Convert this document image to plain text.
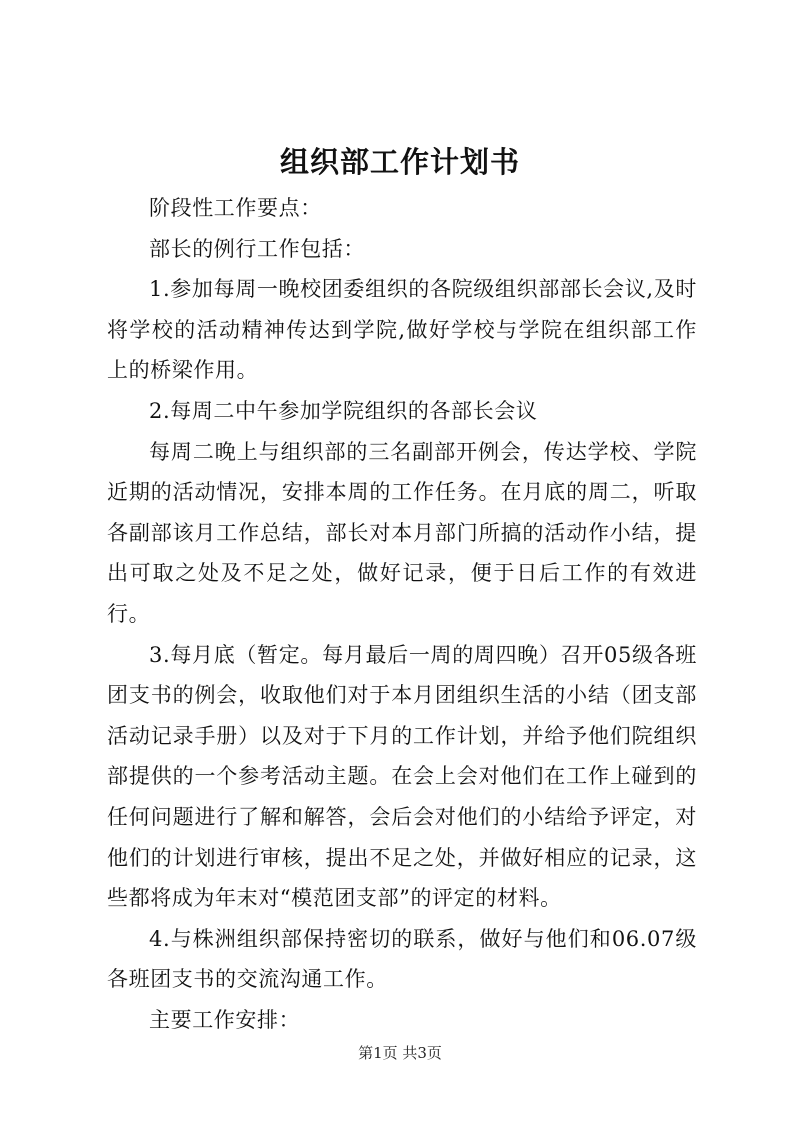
组织部工作计划书

阶段性工作要点：

部长的例行工作包括：

1.参加每周一晚校团委组织的各院级组织部部长会议,及时将学校的活动精神传达到学院,做好学校与学院在组织部工作上的桥梁作用。

2.每周二中午参加学院组织的各部长会议

每周二晚上与组织部的三名副部开例会，传达学校、学院近期的活动情况，安排本周的工作任务。在月底的周二，听取各副部该月工作总结，部长对本月部门所搞的活动作小结，提出可取之处及不足之处，做好记录，便于日后工作的有效进行。

3.每月底（暂定。每月最后一周的周四晚）召开05级各班团支书的例会，收取他们对于本月团组织生活的小结（团支部活动记录手册）以及对于下月的工作计划，并给予他们院组织部提供的一个参考活动主题。在会上会对他们在工作上碰到的任何问题进行了解和解答，会后会对他们的小结给予评定，对他们的计划进行审核，提出不足之处，并做好相应的记录，这些都将成为年末对“模范团支部”的评定的材料。

4.与株洲组织部保持密切的联系，做好与他们和06.07级各班团支书的交流沟通工作。

主要工作安排：

第1页 共3页
